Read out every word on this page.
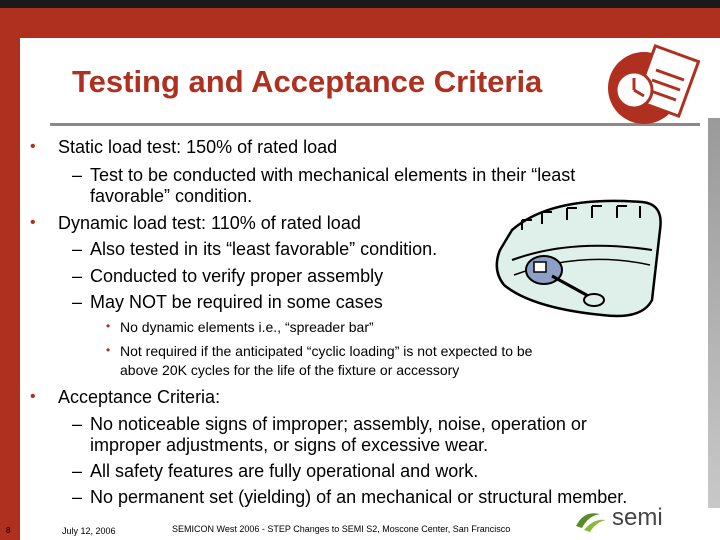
Testing and Acceptance Criteria
• Static load test: 150% of rated load
– Test to be conducted with mechanical elements in their “least
favorable” condition.
• Dynamic load test: 110% of rated load
– Also tested in its “least favorable” condition.
– Conducted to verify proper assembly
– May NOT be required in some cases
• No dynamic elements i.e., “spreader bar”
• Not required if the anticipated “cyclic loading” is not expected to be
above 20K cycles for the life of the fixture or accessory
• Acceptance Criteria:
– No noticeable signs of improper; assembly, noise, operation or
improper adjustments, or signs of excessive wear.
– All safety features are fully operational and work.
– No permanent set (yielding) of an mechanical or structural member.
8	July 12, 2006	SEMICON West 2006 - STEP Changes to SEMI S2, Moscone Center, San Francisco	semi
